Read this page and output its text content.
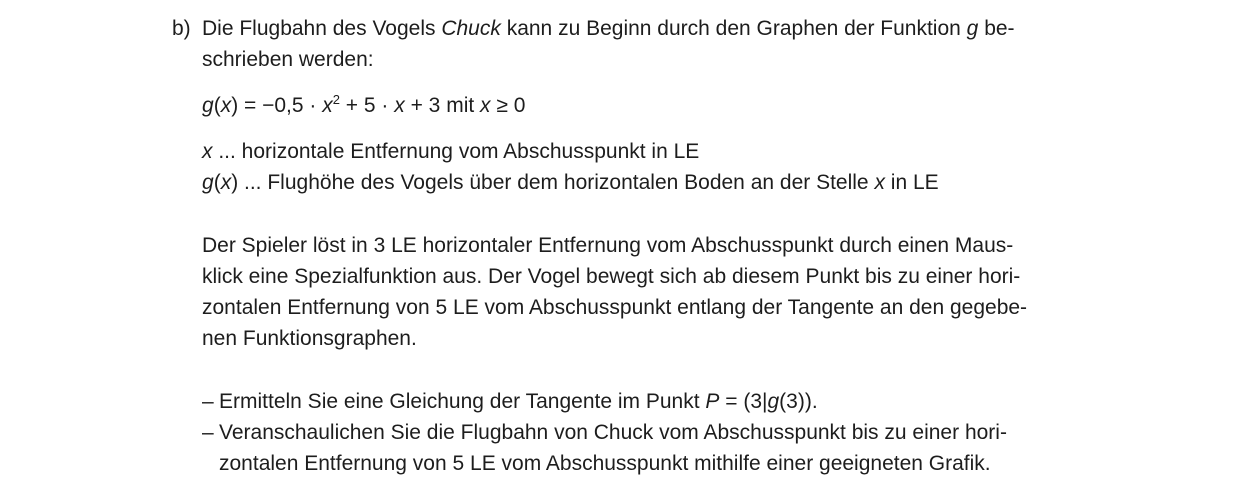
b) Die Flugbahn des Vogels Chuck kann zu Beginn durch den Graphen der Funktion g be-
schrieben werden:
$g(x) = -0,5 \cdot x^2 + 5 \cdot x + 3$ mit x ≥ 0
x ... horizontale Entfernung vom Abschusspunkt in LE
g(x) ... Flughöhe des Vogels über dem horizontalen Boden an der Stelle x in LE
Der Spieler löst in 3 LE horizontaler Entfernung vom Abschusspunkt durch einen Maus-
klick eine Spezialfunktion aus. Der Vogel bewegt sich ab diesem Punkt bis zu einer hori-
zontalen Entfernung von 5 LE vom Abschusspunkt entlang der Tangente an den gegebe-
nen Funktionsgraphen.
– Ermitteln Sie eine Gleichung der Tangente im Punkt P = (3|g(3)).
– Veranschaulichen Sie die Flugbahn von Chuck vom Abschusspunkt bis zu einer hori-
zontalen Entfernung von 5 LE vom Abschusspunkt mithilfe einer geeigneten Grafik.
